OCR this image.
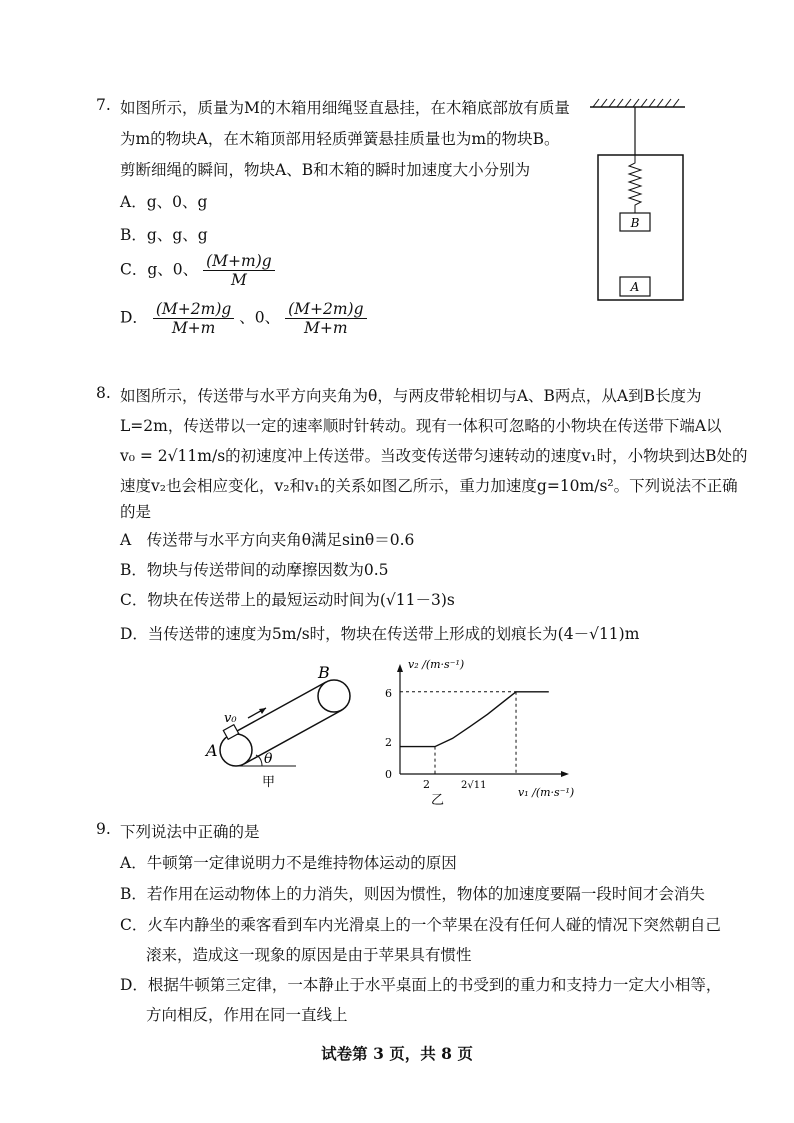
7. 如图所示，质量为M的木箱用细绳竖直悬挂，在木箱底部放有质量
为m的物块A，在木箱顶部用轻质弹簧悬挂质量也为m的物块B。
剪断细绳的瞬间，物块A、B和木箱的瞬时加速度大小分别为
A．g、0、g
B．g、g、g
C．g、0、 $\frac{(M+m)g}{M}$
D． $\frac{(M+2m)g}{M+m}$ 、0、 $\frac{(M+2m)g}{M+m}$
B
A
8. 如图所示，传送带与水平方向夹角为θ，与两皮带轮相切与A、B两点，从A到B长度为
L=2m，传送带以一定的速率顺时针转动。现有一体积可忽略的小物块在传送带下端A以
v₀ = 2√11m/s的初速度冲上传送带。当改变传送带匀速转动的速度v₁时，小物块到达B处的
速度v₂也会相应变化，v₂和v₁的关系如图乙所示，重力加速度g=10m/s²。下列说法不正确
的是
A　传送带与水平方向夹角θ满足sinθ＝0.6
B．物块与传送带间的动摩擦因数为0.5
C．物块在传送带上的最短运动时间为(√11－3)s
D．当传送带的速度为5m/s时，物块在传送带上形成的划痕长为(4－√11)m
v₀
A
B
θ
甲
v₂ /(m·s⁻¹)
v₁ /(m·s⁻¹)
6
2
0
2	2√11
乙
9. 下列说法中正确的是
A．牛顿第一定律说明力不是维持物体运动的原因
B．若作用在运动物体上的力消失，则因为惯性，物体的加速度要隔一段时间才会消失
C．火车内静坐的乘客看到车内光滑桌上的一个苹果在没有任何人碰的情况下突然朝自己
滚来，造成这一现象的原因是由于苹果具有惯性
D．根据牛顿第三定律，一本静止于水平桌面上的书受到的重力和支持力一定大小相等，
方向相反，作用在同一直线上
试卷第 3 页，共 8 页
